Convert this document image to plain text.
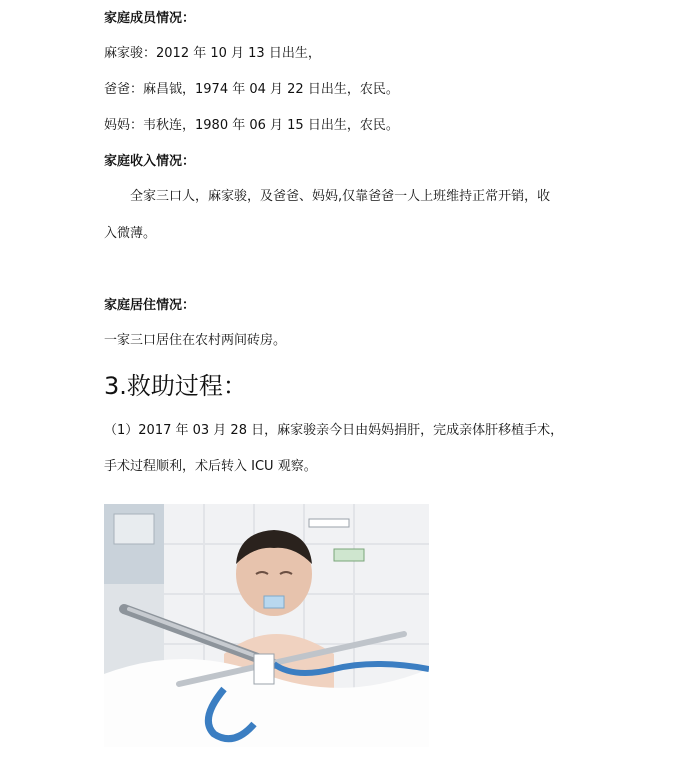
家庭成员情况：
麻家骏：2012 年 10 月 13 日出生，
爸爸：麻昌钺，1974 年 04 月 22 日出生，农民。
妈妈：韦秋连，1980 年 06 月 15 日出生，农民。
家庭收入情况：
全家三口人，麻家骏，及爸爸、妈妈,仅靠爸爸一人上班维持正常开销，收
入微薄。
家庭居住情况：
一家三口居住在农村两间砖房。
3.救助过程：
（1）2017 年 03 月 28 日，麻家骏亲今日由妈妈捐肝，完成亲体肝移植手术，
手术过程顺利，术后转入 ICU 观察。
